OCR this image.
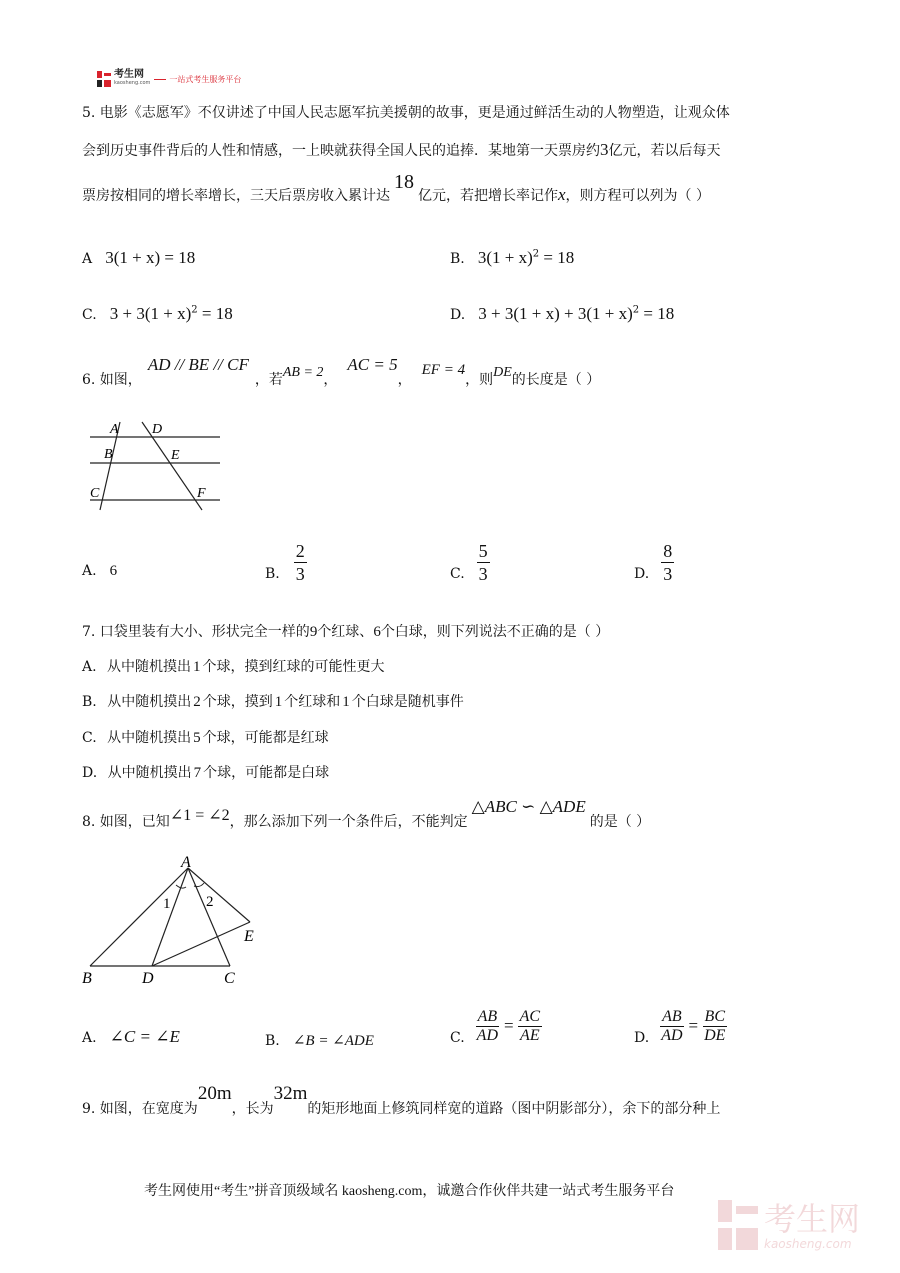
考生网
kaosheng.com 一站式考生服务平台
5. 电影《志愿军》不仅讲述了中国人民志愿军抗美援朝的故事，更是通过鲜活生动的人物塑造，让观众体
会到历史事件背后的人性和情感，一上映就获得全国人民的追捧．某地第一天票房约3亿元，若以后每天
票房按相同的增长率增长，三天后票房收入累计达18亿元，若把增长率记作x，则方程可以列为（ ）
A 3(1 + x) = 18	B. $3(1 + x)^2 = 18$
C. $3 + 3(1 + x)^2 = 18$	D. $3 + 3(1 + x) + 3(1 + x)^2 = 18$
6. 如图，AD // BE // CF，若AB = 2，AC = 5，EF = 4，则DE的长度是（ ）
A D
B	E
C	F
A. 6	B. $\frac{2}{3}$	C. $\frac{5}{3}$	D. $\frac{8}{3}$
7. 口袋里装有大小、形状完全一样的9个红球、6个白球，则下列说法不正确的是（ ）
A. 从中随机摸出 1 个球，摸到红球的可能性更大
B. 从中随机摸出 2 个球，摸到 1 个红球和 1 个白球是随机事件
C. 从中随机摸出 5 个球，可能都是红球
D. 从中随机摸出 7 个球，可能都是白球
8. 如图，已知∠1 = ∠2，那么添加下列一个条件后，不能判定△ABC ∽ △ADE的是（ ）
A
1 2
E
B	D	C
A. ∠C = ∠E	B. ∠B = ∠ADE	C. $\frac{AB}{AD} = \frac{AC}{AE}$	D. $\frac{AB}{AD} = \frac{BC}{DE}$
9. 如图，在宽度为20m，长为32m的矩形地面上修筑同样宽的道路（图中阴影部分），余下的部分种上
考生网使用“考生”拼音顶级域名 kaosheng.com，诚邀合作伙伴共建一站式考生服务平台
考生网
kaosheng.com
